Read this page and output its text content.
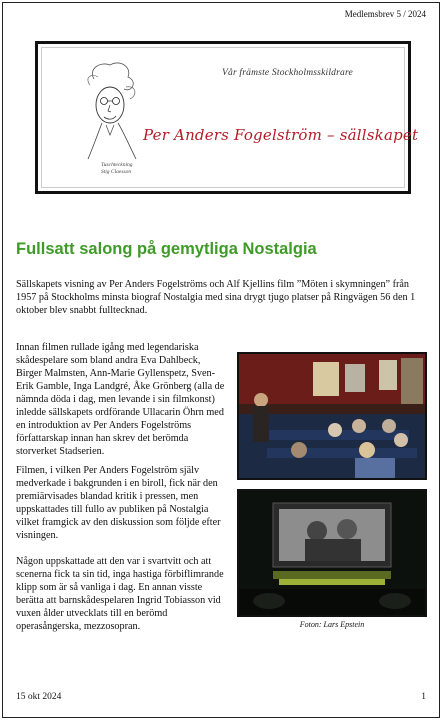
Medlemsbrev 5 / 2024
Vår främste Stockholmsskildrare
Per Anders Fogelström – sällskapet
Tuschteckning
Stig Claesson
Fullsatt salong på gemytliga Nostalgia
Sällskapets visning av Per Anders Fogelströms och Alf Kjellins film ”Möten i skymningen” från 1957 på Stockholms minsta biograf Nostalgia med sina drygt tjugo platser på Ringvägen 56 den 1 oktober blev snabbt fulltecknad.
Innan filmen rullade igång med legendariska skådespelare som bland andra Eva Dahlbeck, Birger Malmsten, Ann-Marie Gyllenspetz, Sven-Erik Gamble, Inga Landgré, Åke Grönberg (alla de nämnda döda i dag, men levande i sin filmkonst) inledde sällskapets ordförande Ullacarin Öhrn med en introduktion av Per Anders Fogelströms författarskap innan han skrev det berömda storverket Stadserien.
Filmen, i vilken Per Anders Fogelström själv medverkade i bakgrunden i en biroll, fick när den premiärvisades blandad kritik i pressen, men uppskattades till fullo av publiken på Nostalgia vilket framgick av den diskussion som följde efter visningen.
Någon uppskattade att den var i svartvitt och att scenerna fick ta sin tid, inga hastiga förbiflimrande klipp som är så vanliga i dag. En annan visste berätta att barnskådespelaren Ingrid Tobiasson vid vuxen ålder utvecklats till en berömd operasångerska, mezzosopran.	Foton: Lars Epstein
15 okt 2024	1
